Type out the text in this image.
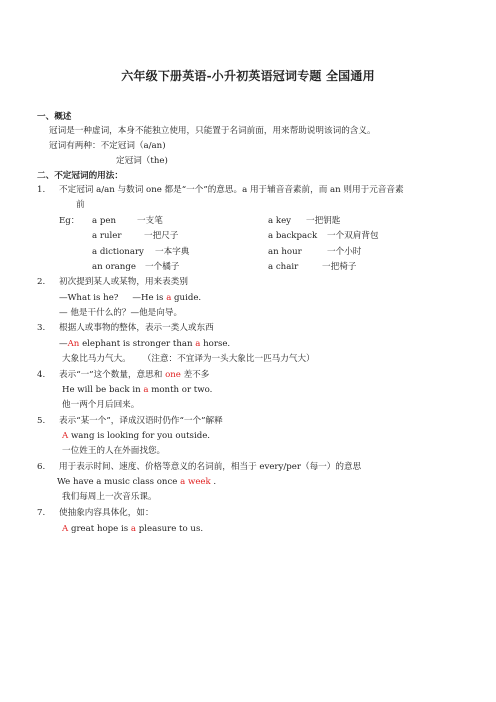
六年级下册英语-小升初英语冠词专题 全国通用
一、概述
冠词是一种虚词，本身不能独立使用，只能置于名词前面，用来帮助说明该词的含义。
冠词有两种：不定冠词（a/an)
定冠词（the)
二、不定冠词的用法：
1. 不定冠词 a/an 与数词 one 都是“一个”的意思。a 用于辅音音素前，而 an 则用于元音音素
前
Eg： a pen 一支笔	a key 一把钥匙
a ruler	一把尺子	a backpack 一个双肩背包
a dictionary 一本字典	an hour	一个小时
an orange 一个橘子	a chair	一把椅子
2. 初次提到某人或某物，用来表类别
—What is he? —He is a guide.
— 他是干什么的？—他是向导。
3. 根据人或事物的整体，表示一类人或东西
—An elephant is stronger than a horse.
大象比马力气大。 （注意：不宜译为一头大象比一匹马力气大）
4. 表示“一”这个数量，意思和 one 差不多
He will be back in a month or two.
他一两个月后回来。
5. 表示“某一个”，译成汉语时仍作“一个”解释
A wang is looking for you outside.
一位姓王的人在外面找您。
6. 用于表示时间、速度、价格等意义的名词前，相当于 every/per（每一）的意思
We have a music class once a week .
我们每周上一次音乐课。
7. 使抽象内容具体化，如：
A great hope is a pleasure to us.
